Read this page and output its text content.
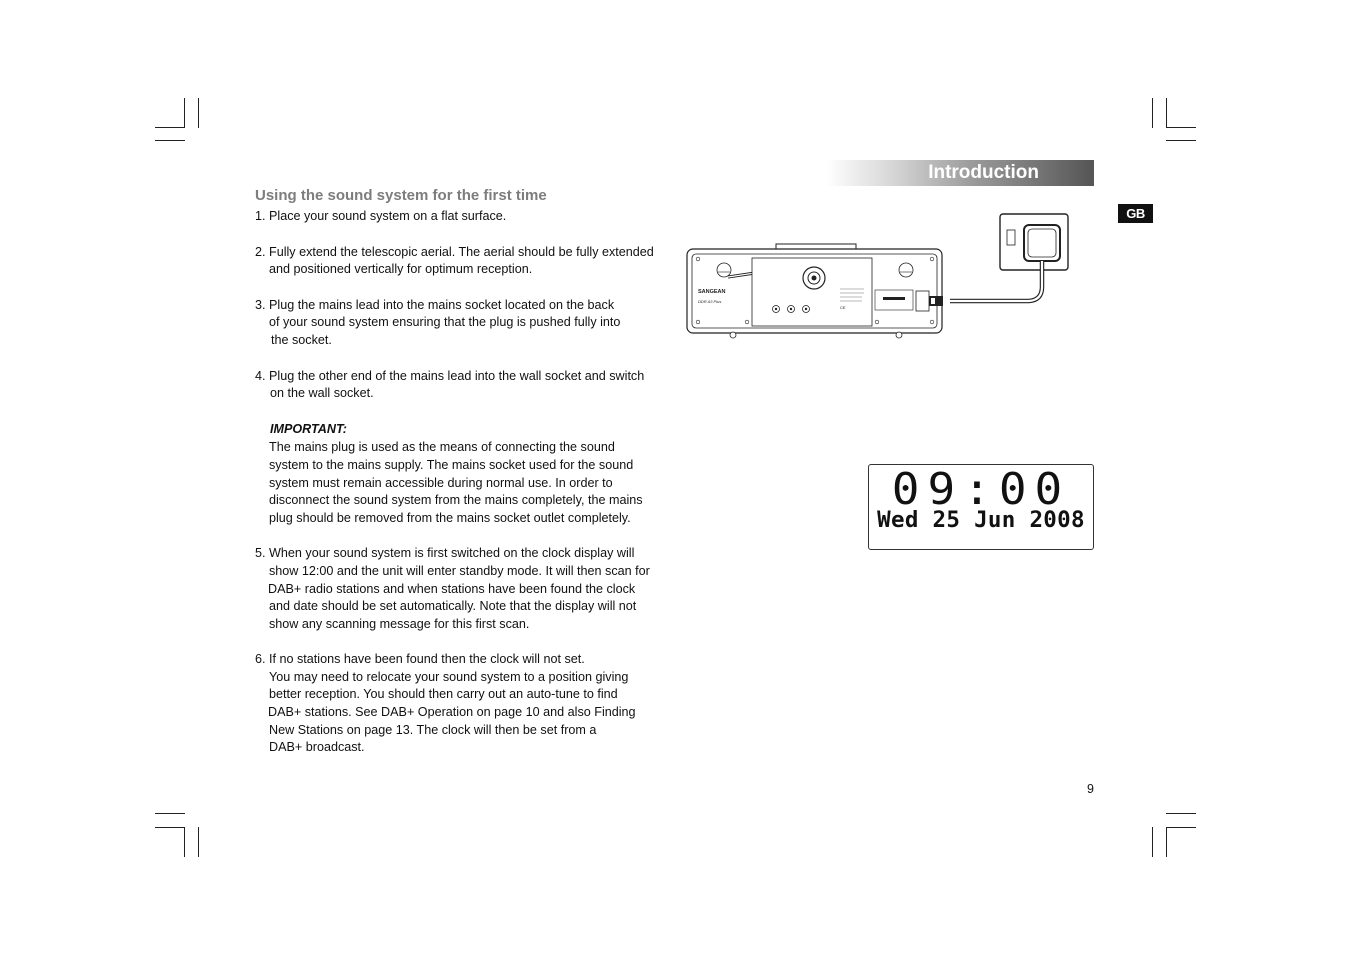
Introduction
GB
Using the sound system for the first time
1. Place your sound system on a flat surface.
2. Fully extend the telescopic aerial. The aerial should be fully extended
and positioned vertically for optimum reception.
3. Plug the mains lead into the mains socket located on the back
of your sound system ensuring that the plug is pushed fully into
the socket.
4. Plug the other end of the mains lead into the wall socket and switch
on the wall socket.
IMPORTANT:
The mains plug is used as the means of connecting the sound
system to the mains supply. The mains socket used for the sound
system must remain accessible during normal use. In order to
disconnect the sound system from the mains completely, the mains
plug should be removed from the mains socket outlet completely.
5. When your sound system is first switched on the clock display will
show 12:00 and the unit will enter standby mode. It will then scan for
DAB+ radio stations and when stations have been found the clock
and date should be set automatically. Note that the display will not
show any scanning message for this first scan.
6. If no stations have been found then the clock will not set.
You may need to relocate your sound system to a position giving
better reception. You should then carry out an auto-tune to find
DAB+ stations. See DAB+ Operation on page 10 and also Finding
New Stations on page 13. The clock will then be set from a
DAB+ broadcast.
SANGEAN
DDR-63 Plus
CE
09:00
Wed 25 Jun 2008
9
